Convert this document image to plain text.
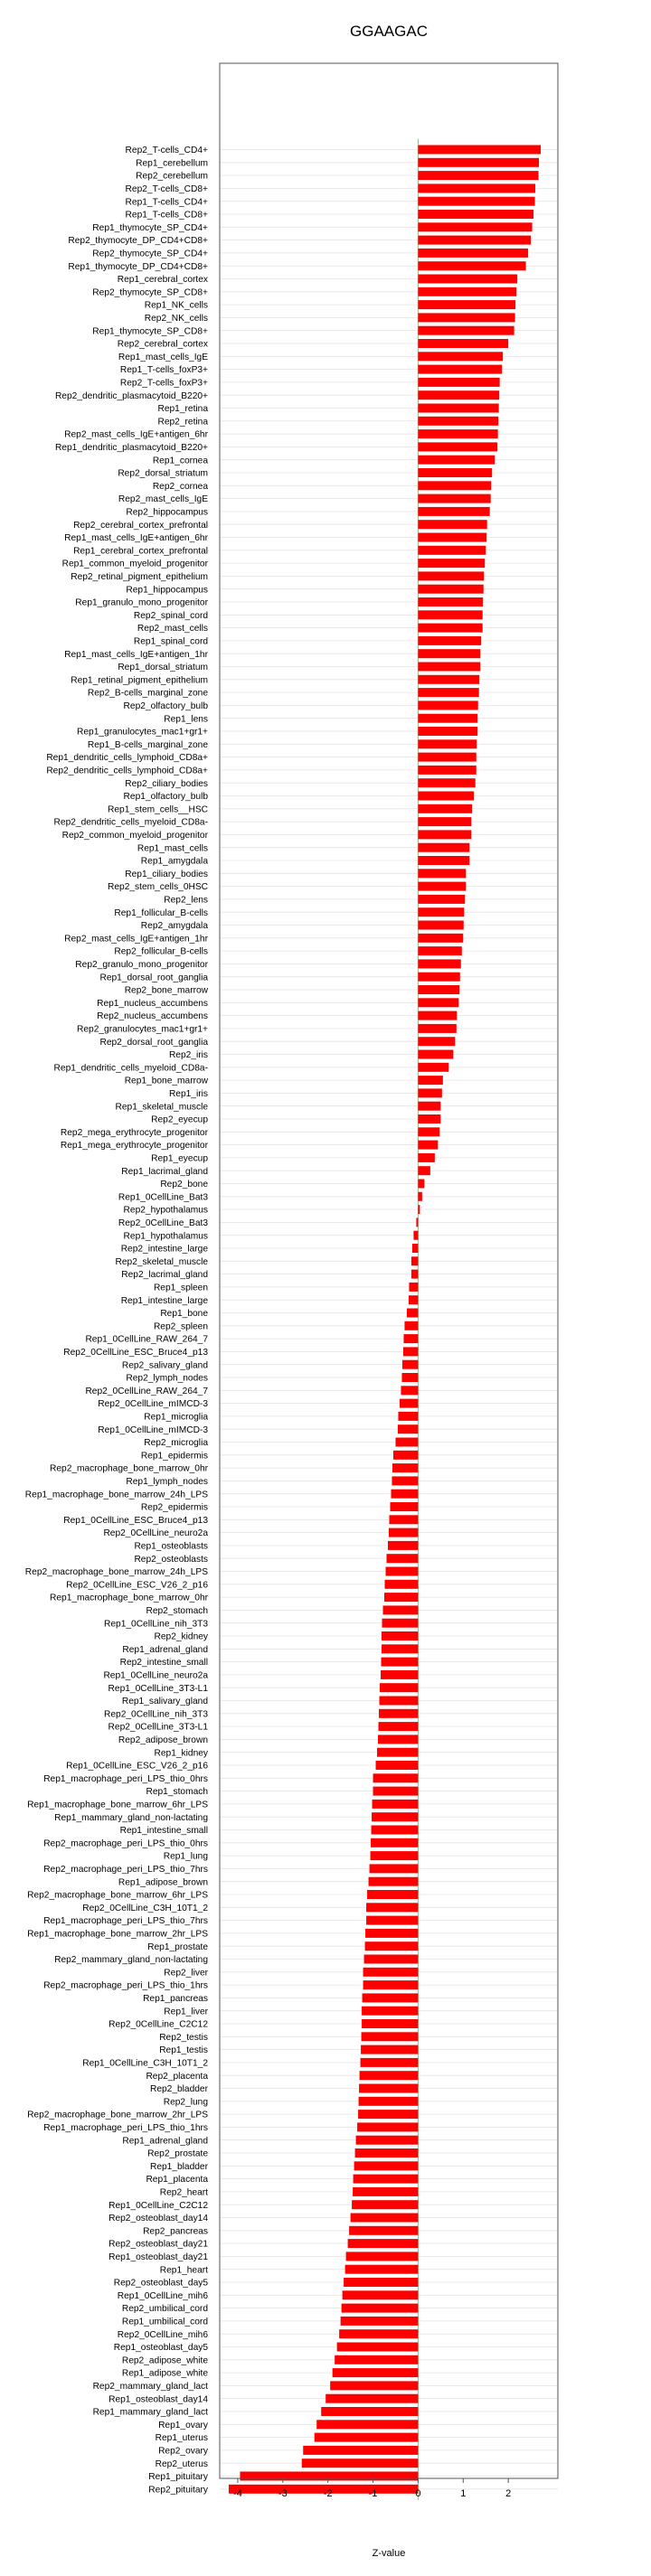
GGAAGAC
Rep2_T-cells_CD4+
Rep1_cerebellum
Rep2_cerebellum
Rep2_T-cells_CD8+
Rep1_T-cells_CD4+
Rep1_T-cells_CD8+
Rep1_thymocyte_SP_CD4+
Rep2_thymocyte_DP_CD4+CD8+
Rep2_thymocyte_SP_CD4+
Rep1_thymocyte_DP_CD4+CD8+
Rep1_cerebral_cortex
Rep2_thymocyte_SP_CD8+
Rep1_NK_cells
Rep2_NK_cells
Rep1_thymocyte_SP_CD8+
Rep2_cerebral_cortex
Rep1_mast_cells_IgE
Rep1_T-cells_foxP3+
Rep2_T-cells_foxP3+
Rep2_dendritic_plasmacytoid_B220+
Rep1_retina
Rep2_retina
Rep2_mast_cells_IgE+antigen_6hr
Rep1_dendritic_plasmacytoid_B220+
Rep1_cornea
Rep2_dorsal_striatum
Rep2_cornea
Rep2_mast_cells_IgE
Rep2_hippocampus
Rep2_cerebral_cortex_prefrontal
Rep1_mast_cells_IgE+antigen_6hr
Rep1_cerebral_cortex_prefrontal
Rep1_common_myeloid_progenitor
Rep2_retinal_pigment_epithelium
Rep1_hippocampus
Rep1_granulo_mono_progenitor
Rep2_spinal_cord
Rep2_mast_cells
Rep1_spinal_cord
Rep1_mast_cells_IgE+antigen_1hr
Rep1_dorsal_striatum
Rep1_retinal_pigment_epithelium
Rep2_B-cells_marginal_zone
Rep2_olfactory_bulb
Rep1_lens
Rep1_granulocytes_mac1+gr1+
Rep1_B-cells_marginal_zone
Rep1_dendritic_cells_lymphoid_CD8a+
Rep2_dendritic_cells_lymphoid_CD8a+
Rep2_ciliary_bodies
Rep1_olfactory_bulb
Rep1_stem_cells__HSC
Rep2_dendritic_cells_myeloid_CD8a-
Rep2_common_myeloid_progenitor
Rep1_mast_cells
Rep1_amygdala
Rep1_ciliary_bodies
Rep2_stem_cells_0HSC
Rep2_lens
Rep1_follicular_B-cells
Rep2_amygdala
Rep2_mast_cells_IgE+antigen_1hr
Rep2_follicular_B-cells
Rep2_granulo_mono_progenitor
Rep1_dorsal_root_ganglia
Rep2_bone_marrow
Rep1_nucleus_accumbens
Rep2_nucleus_accumbens
Rep2_granulocytes_mac1+gr1+
Rep2_dorsal_root_ganglia
Rep2_iris
Rep1_dendritic_cells_myeloid_CD8a-
Rep1_bone_marrow
Rep1_iris
Rep1_skeletal_muscle
Rep2_eyecup
Rep2_mega_erythrocyte_progenitor
Rep1_mega_erythrocyte_progenitor
Rep1_eyecup
Rep1_lacrimal_gland
Rep2_bone
Rep1_0CellLine_Bat3
Rep2_hypothalamus
Rep2_0CellLine_Bat3
Rep1_hypothalamus
Rep2_intestine_large
Rep2_skeletal_muscle
Rep2_lacrimal_gland
Rep1_spleen
Rep1_intestine_large
Rep1_bone
Rep2_spleen
Rep1_0CellLine_RAW_264_7
Rep2_0CellLine_ESC_Bruce4_p13
Rep2_salivary_gland
Rep2_lymph_nodes
Rep2_0CellLine_RAW_264_7
Rep2_0CellLine_mIMCD-3
Rep1_microglia
Rep1_0CellLine_mIMCD-3
Rep2_microglia
Rep1_epidermis
Rep2_macrophage_bone_marrow_0hr
Rep1_lymph_nodes
Rep1_macrophage_bone_marrow_24h_LPS
Rep2_epidermis
Rep1_0CellLine_ESC_Bruce4_p13
Rep2_0CellLine_neuro2a
Rep1_osteoblasts
Rep2_osteoblasts
Rep2_macrophage_bone_marrow_24h_LPS
Rep2_0CellLine_ESC_V26_2_p16
Rep1_macrophage_bone_marrow_0hr
Rep2_stomach
Rep1_0CellLine_nih_3T3
Rep2_kidney
Rep1_adrenal_gland
Rep2_intestine_small
Rep1_0CellLine_neuro2a
Rep1_0CellLine_3T3-L1
Rep1_salivary_gland
Rep2_0CellLine_nih_3T3
Rep2_0CellLine_3T3-L1
Rep2_adipose_brown
Rep1_kidney
Rep1_0CellLine_ESC_V26_2_p16
Rep1_macrophage_peri_LPS_thio_0hrs
Rep1_stomach
Rep1_macrophage_bone_marrow_6hr_LPS
Rep1_mammary_gland_non-lactating
Rep1_intestine_small
Rep2_macrophage_peri_LPS_thio_0hrs
Rep1_lung
Rep2_macrophage_peri_LPS_thio_7hrs
Rep1_adipose_brown
Rep2_macrophage_bone_marrow_6hr_LPS
Rep2_0CellLine_C3H_10T1_2
Rep1_macrophage_peri_LPS_thio_7hrs
Rep1_macrophage_bone_marrow_2hr_LPS
Rep1_prostate
Rep2_mammary_gland_non-lactating
Rep2_liver
Rep2_macrophage_peri_LPS_thio_1hrs
Rep1_pancreas
Rep1_liver
Rep2_0CellLine_C2C12
Rep2_testis
Rep1_testis
Rep1_0CellLine_C3H_10T1_2
Rep2_placenta
Rep2_bladder
Rep2_lung
Rep2_macrophage_bone_marrow_2hr_LPS
Rep1_macrophage_peri_LPS_thio_1hrs
Rep1_adrenal_gland
Rep2_prostate
Rep1_bladder
Rep1_placenta
Rep2_heart
Rep1_0CellLine_C2C12
Rep2_osteoblast_day14
Rep2_pancreas
Rep2_osteoblast_day21
Rep1_osteoblast_day21
Rep1_heart
Rep2_osteoblast_day5
Rep1_0CellLine_mih6
Rep2_umbilical_cord
Rep1_umbilical_cord
Rep2_0CellLine_mih6
Rep1_osteoblast_day5
Rep2_adipose_white
Rep1_adipose_white
Rep2_mammary_gland_lact
Rep1_osteoblast_day14
Rep1_mammary_gland_lact
Rep1_ovary
Rep1_uterus
Rep2_ovary
Rep2_uterus
Rep1_pituitary
Rep2_pituitary	-4	-3	-2	-1	0	1	2
Z-value
